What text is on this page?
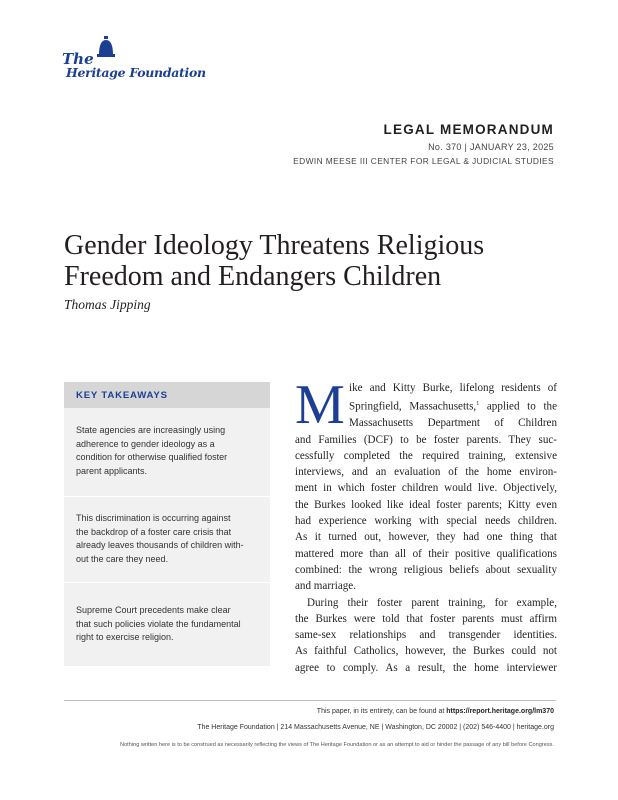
The
Heritage Foundation
LEGAL MEMORANDUM
No. 370 | JANUARY 23, 2025
EDWIN MEESE III CENTER FOR LEGAL & JUDICIAL STUDIES
Gender Ideology Threatens Religious
Freedom and Endangers Children
Thomas Jipping
KEY TAKEAWAYS
State agencies are increasingly using
adherence to gender ideology as a
condition for otherwise qualified foster
parent applicants.
This discrimination is occurring against
the backdrop of a foster care crisis that
already leaves thousands of children with-
out the care they need.
Supreme Court precedents make clear
that such policies violate the fundamental
right to exercise religion.
M ike and Kitty Burke, lifelong residents of
Springfield, Massachusetts,$^1$ applied to the
Massachusetts Department of Children
and Families (DCF) to be foster parents. They suc-
cessfully completed the required training, extensive
interviews, and an evaluation of the home environ-
ment in which foster children would live. Objectively,
the Burkes looked like ideal foster parents; Kitty even
had experience working with special needs children.
As it turned out, however, they had one thing that
mattered more than all of their positive qualifications
combined: the wrong religious beliefs about sexuality
and marriage.
During their foster parent training, for example,
the Burkes were told that foster parents must affirm
same-sex relationships and transgender identities.
As faithful Catholics, however, the Burkes could not
agree to comply. As a result, the home interviewer
This paper, in its entirety, can be found at https://report.heritage.org/lm370
The Heritage Foundation | 214 Massachusetts Avenue, NE | Washington, DC 20002 | (202) 546-4400 | heritage.org
Nothing written here is to be construed as necessarily reflecting the views of The Heritage Foundation or as an attempt to aid or hinder the passage of any bill before Congress.
